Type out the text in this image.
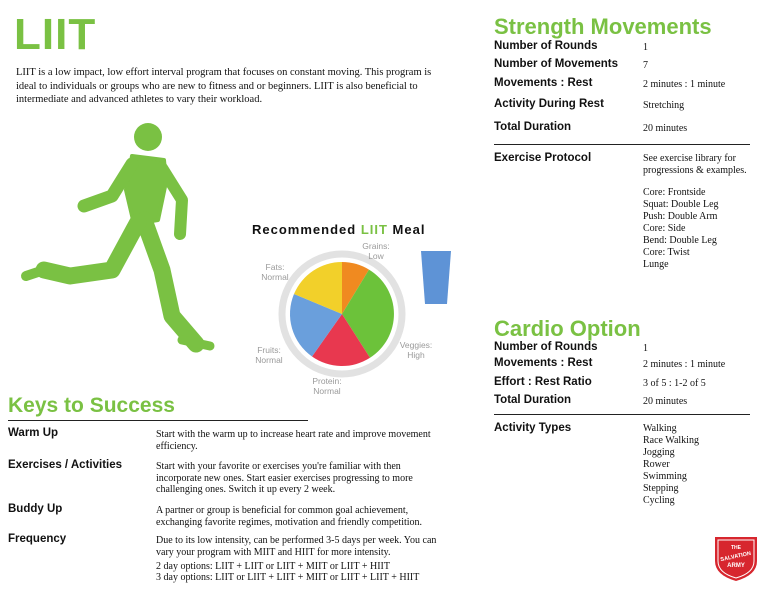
LIIT
LIIT is a low impact, low effort interval program that focuses on constant moving. This program is ideal to individuals or groups who are new to fitness and or beginners. LIIT is also beneficial to intermediate and advanced athletes to vary their workload.
Recommended LIIT Meal
Grains:
Low
Fats:
Normal
Veggies:
High
Fruits:
Normal
Protein:
Normal
Keys to Success
Warm Up	Start with the warm up to increase heart rate and improve movement efficiency.
Exercises / Activities	Start with your favorite or exercises you're familiar with then incorporate new ones. Start easier exercises progressing to more challenging ones. Switch it up every 2 week.
Buddy Up	A partner or group is beneficial for common goal achievement, exchanging favorite regimes, motivation and friendly competition.
Frequency	Due to its low intensity, can be performed 3-5 days per week. You can vary your program with MIIT and HIIT for more intensity.
2 day options: LIIT + LIIT or LIIT + MIIT or LIIT + HIIT
3 day options: LIIT or LIIT + LIIT + MIIT or LIIT + LIIT + HIIT
Strength Movements
Number of Rounds	1
Number of Movements	7
Movements : Rest	2 minutes : 1 minute
Activity During Rest	Stretching
Total Duration	20 minutes
Exercise Protocol	See exercise library for
progressions & examples.
Core: Frontside
Squat: Double Leg
Push: Double Arm
Core: Side
Bend: Double Leg
Core: Twist
Lunge
Cardio Option
Number of Rounds	1
Movements : Rest	2 minutes : 1 minute
Effort : Rest Ratio	3 of 5 : 1-2 of 5
Total Duration	20 minutes
Activity Types	Walking
Race Walking
Jogging
Rower
Swimming
Stepping
Cycling
THE
SALVATION
ARMY
